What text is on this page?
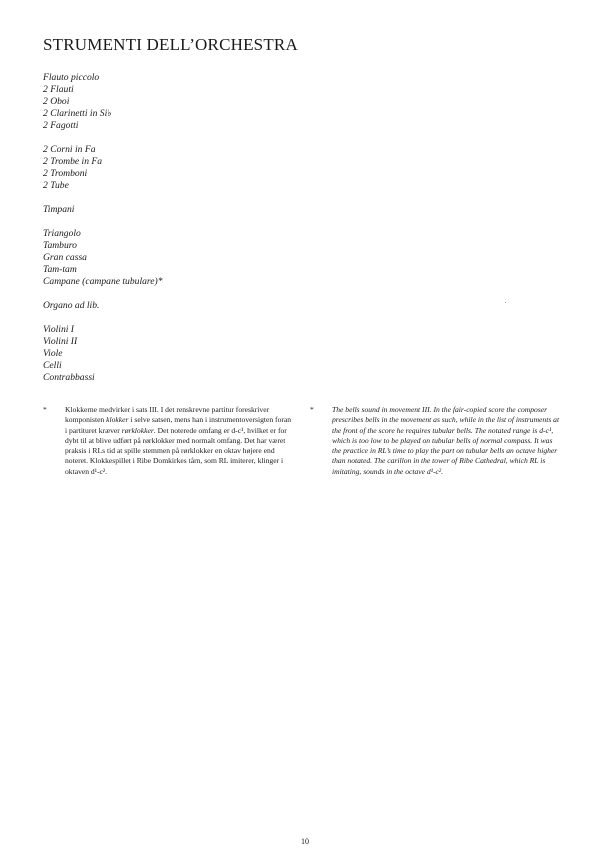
STRUMENTI DELL’ORCHESTRA
Flauto piccolo
2 Flauti
2 Oboi
2 Clarinetti in Si♭
2 Fagotti
2 Corni in Fa
2 Trombe in Fa
2 Tromboni
2 Tube
Timpani
Triangolo
Tamburo
Gran cassa
Tam-tam
Campane (campane tubulare)*
Organo ad lib.
Violini I
Violini II
Viole
Celli
Contrabbassi
* Klokkerne medvirker i sats III. I det renskrevne partitur foreskriver komponisten klokker i selve satsen, mens han i instrumentoversigten foran i partituret kræver rørklokker. Det noterede omfang er d-c¹, hvilket er for dybt til at blive udført på rørklokker med normalt omfang. Det har været praksis i RLs tid at spille stemmen på rørklokker en oktav højere end noteret. Klokkespillet i Ribe Domkirkes tårn, som RL imiterer, klinger i oktaven d¹-c².
* The bells sound in movement III. In the fair-copied score the composer prescribes bells in the movement as such, while in the list of instruments at the front of the score he requires tubular bells. The notated range is d-c¹, which is too low to be played on tubular bells of normal compass. It was the practice in RL’s time to play the part on tubular bells an octave higher than notated. The carillon in the tower of Ribe Cathedral, which RL is imitating, sounds in the octave d¹-c².
10
